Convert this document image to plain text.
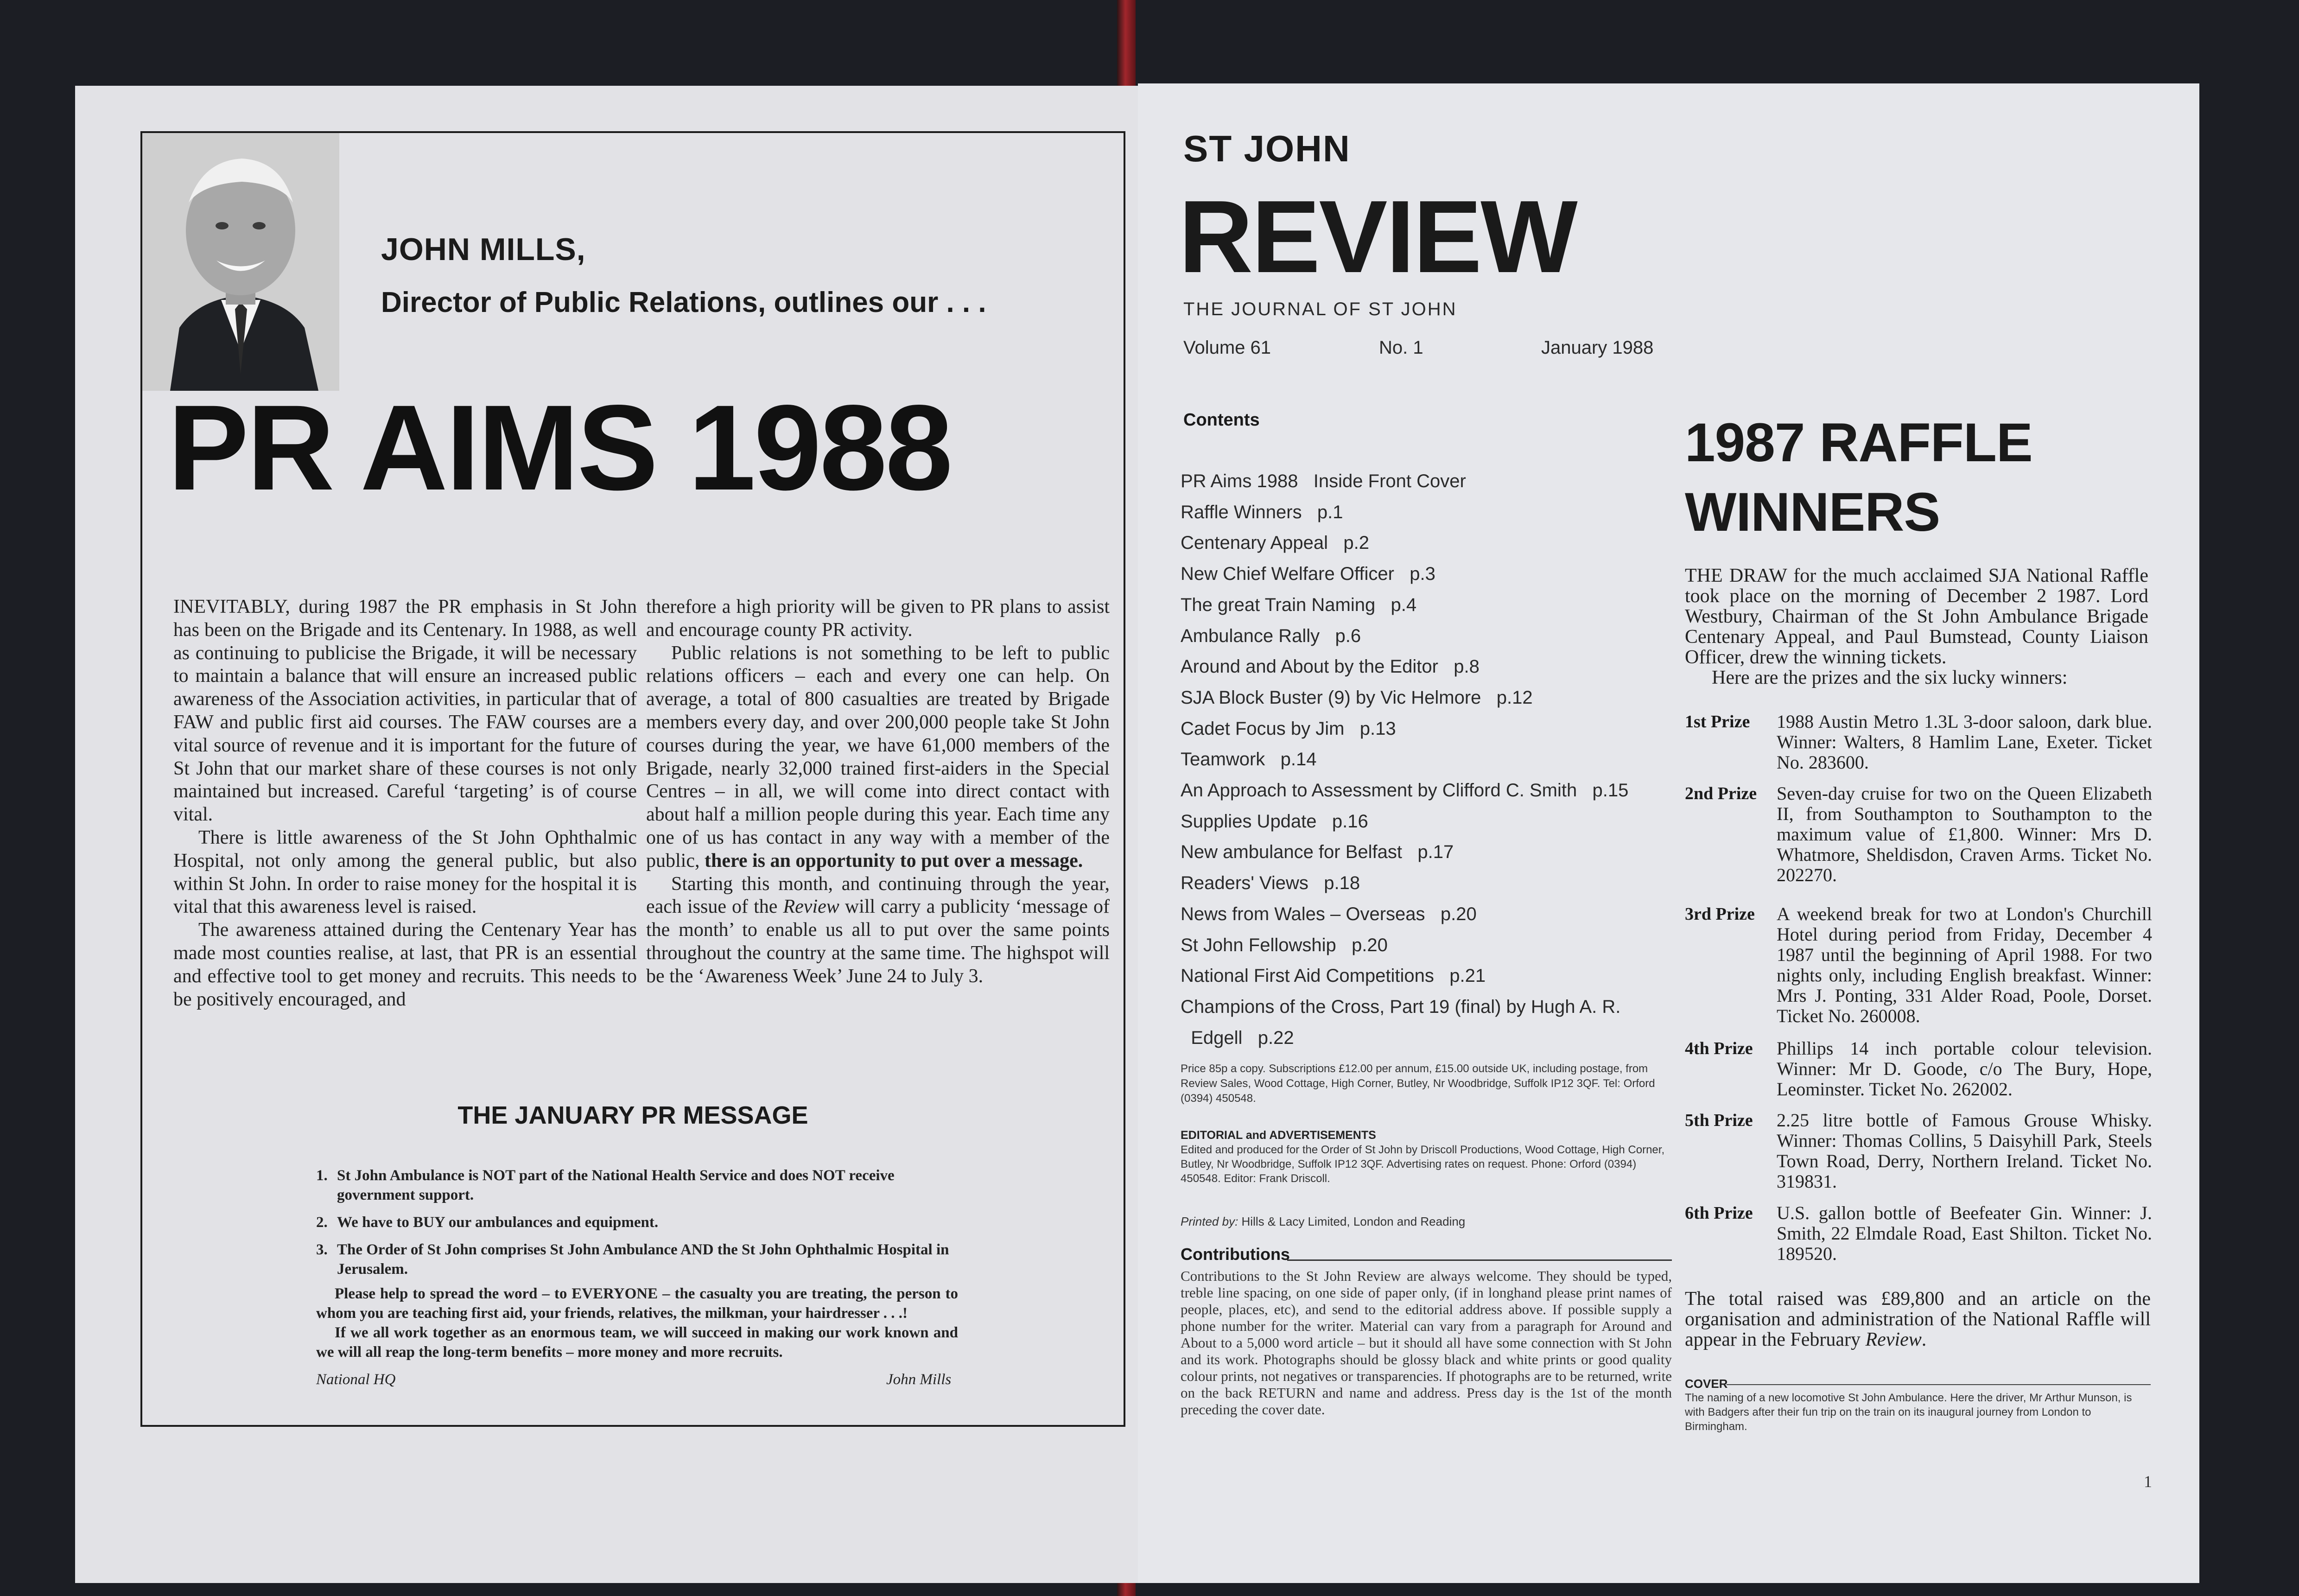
JOHN MILLS,
Director of Public Relations, outlines our . . .
PR AIMS 1988

INEVITABLY, during 1987 the PR emphasis in St John has been on the Brigade and its Centenary. In 1988, as well as continuing to publicise the Brigade, it will be necessary to maintain a balance that will ensure an increased public awareness of the Association activities, in particular that of FAW and public first aid courses. The FAW courses are a vital source of revenue and it is important for the future of St John that our market share of these courses is not only maintained but increased. Careful ‘targeting’ is of course vital.

There is little awareness of the St John Ophthalmic Hospital, not only among the general public, but also within St John. In order to raise money for the hospital it is vital that this awareness level is raised.

The awareness attained during the Centenary Year has made most counties realise, at last, that PR is an essential and effective tool to get money and recruits. This needs to be positively encouraged, and

therefore a high priority will be given to PR plans to assist and encourage county PR activity.

Public relations is not something to be left to public relations officers – each and every one can help. On average, a total of 800 casualties are treated by Brigade members every day, and over 200,000 people take St John courses during the year, we have 61,000 members of the Brigade, nearly 32,000 trained first-aiders in the Special Centres – in all, we will come into direct contact with about half a million people during this year. Each time any one of us has contact in any way with a member of the public, there is an opportunity to put over a message.

Starting this month, and continuing through the year, each issue of the Review will carry a publicity ‘message of the month’ to enable us all to put over the same points throughout the country at the same time. The highspot will be the ‘Awareness Week’ June 24 to July 3.

THE JANUARY PR MESSAGE
1. St John Ambulance is NOT part of the National Health Service and does NOT receive government support.
2. We have to BUY our ambulances and equipment.
3. The Order of St John comprises St John Ambulance AND the St John Ophthalmic Hospital in Jerusalem.

Please help to spread the word – to EVERYONE – the casualty you are treating, the person to whom you are teaching first aid, your friends, relatives, the milkman, your hairdresser . . .!

If we all work together as an enormous team, we will succeed in making our work known and we will all reap the long-term benefits – more money and more recruits.

National HQ	John Mills
ST JOHN
REVIEW
THE JOURNAL OF ST JOHN
Volume 61	No. 1	January 1988
Contents
PR Aims 1988   Inside Front Cover
Raffle Winners   p.1
Centenary Appeal   p.2
New Chief Welfare Officer   p.3
The great Train Naming   p.4
Ambulance Rally   p.6
Around and About by the Editor   p.8
SJA Block Buster (9) by Vic Helmore   p.12
Cadet Focus by Jim   p.13
Teamwork   p.14
An Approach to Assessment by Clifford C. Smith   p.15
Supplies Update   p.16
New ambulance for Belfast   p.17
Readers' Views   p.18
News from Wales – Overseas   p.20
St John Fellowship   p.20
National First Aid Competitions   p.21
Champions of the Cross, Part 19 (final) by Hugh A. R.
Edgell   p.22
Price 85p a copy. Subscriptions £12.00 per annum, £15.00 outside UK, including postage, from Review Sales, Wood Cottage, High Corner, Butley, Nr Woodbridge, Suffolk IP12 3QF. Tel: Orford (0394) 450548.
EDITORIAL and ADVERTISEMENTS
Edited and produced for the Order of St John by Driscoll Productions, Wood Cottage, High Corner, Butley, Nr Woodbridge, Suffolk IP12 3QF. Advertising rates on request. Phone: Orford (0394) 450548. Editor: Frank Driscoll.
Printed by: Hills & Lacy Limited, London and Reading
Contributions
Contributions to the St John Review are always welcome. They should be typed, treble line spacing, on one side of paper only, (if in longhand please print names of people, places, etc), and send to the editorial address above. If possible supply a phone number for the writer. Material can vary from a paragraph for Around and About to a 5,000 word article – but it should all have some connection with St John and its work. Photographs should be glossy black and white prints or good quality colour prints, not negatives or transparencies. If photographs are to be returned, write on the back RETURN and name and address. Press day is the 1st of the month preceding the cover date.
1987 RAFFLE WINNERS

THE DRAW for the much acclaimed SJA National Raffle took place on the morning of December 2 1987. Lord Westbury, Chairman of the St John Ambulance Brigade Centenary Appeal, and Paul Bumstead, County Liaison Officer, drew the winning tickets.

Here are the prizes and the six lucky winners:

1st Prize 1988 Austin Metro 1.3L 3-door saloon, dark blue. Winner: Walters, 8 Hamlim Lane, Exeter. Ticket No. 283600.
2nd Prize Seven-day cruise for two on the Queen Elizabeth II, from Southampton to Southampton to the maximum value of £1,800. Winner: Mrs D. Whatmore, Sheldisdon, Craven Arms. Ticket No. 202270.
3rd Prize A weekend break for two at London's Churchill Hotel during period from Friday, December 4 1987 until the beginning of April 1988. For two nights only, including English breakfast. Winner: Mrs J. Ponting, 331 Alder Road, Poole, Dorset. Ticket No. 260008.
4th Prize Phillips 14 inch portable colour television. Winner: Mr D. Goode, c/o The Bury, Hope, Leominster. Ticket No. 262002.
5th Prize 2.25 litre bottle of Famous Grouse Whisky. Winner: Thomas Collins, 5 Daisyhill Park, Steels Town Road, Derry, Northern Ireland. Ticket No. 319831.
6th Prize U.S. gallon bottle of Beefeater Gin. Winner: J. Smith, 22 Elmdale Road, East Shilton. Ticket No. 189520.
The total raised was £89,800 and an article on the organisation and administration of the National Raffle will appear in the February Review.
COVER
The naming of a new locomotive St John Ambulance. Here the driver, Mr Arthur Munson, is with Badgers after their fun trip on the train on its inaugural journey from London to Birmingham.
1
